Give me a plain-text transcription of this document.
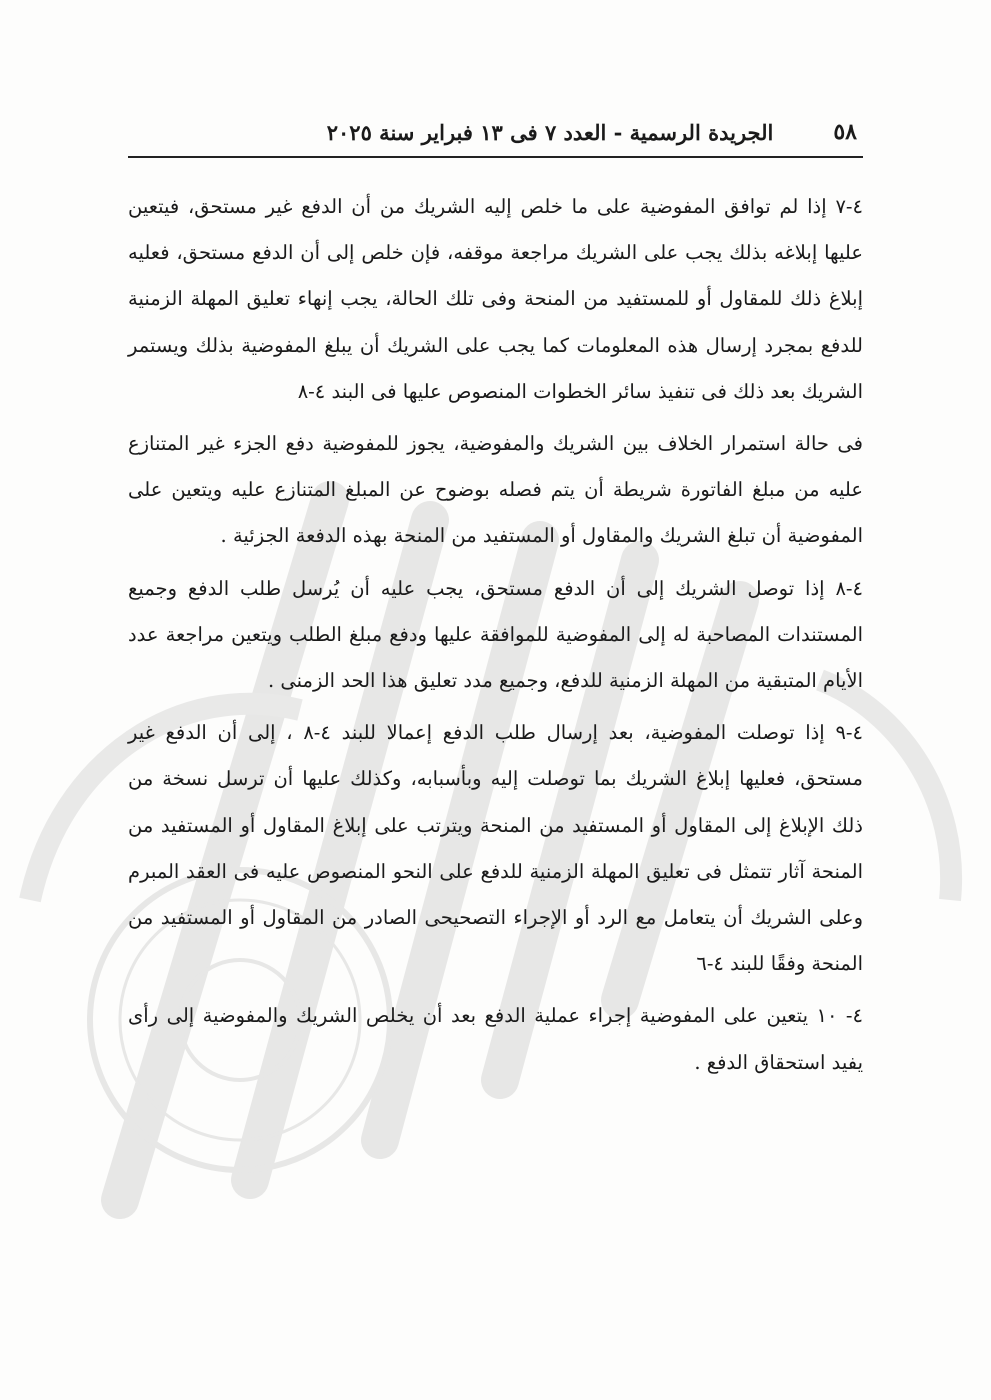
٥٨
الجريدة الرسمية - العدد ٧ فى ١٣ فبراير سنة ٢٠٢٥

٤-٧ إذا لم توافق المفوضية على ما خلص إليه الشريك من أن الدفع غير مستحق، فيتعين عليها إبلاغه بذلك يجب على الشريك مراجعة موقفه، فإن خلص إلى أن الدفع مستحق، فعليه إبلاغ ذلك للمقاول أو للمستفيد من المنحة وفى تلك الحالة، يجب إنهاء تعليق المهلة الزمنية للدفع بمجرد إرسال هذه المعلومات كما يجب على الشريك أن يبلغ المفوضية بذلك ويستمر الشريك بعد ذلك فى تنفيذ سائر الخطوات المنصوص عليها فى البند ٤-٨

فى حالة استمرار الخلاف بين الشريك والمفوضية، يجوز للمفوضية دفع الجزء غير المتنازع عليه من مبلغ الفاتورة شريطة أن يتم فصله بوضوح عن المبلغ المتنازع عليه ويتعين على المفوضية أن تبلغ الشريك والمقاول أو المستفيد من المنحة بهذه الدفعة الجزئية .

٤-٨ إذا توصل الشريك إلى أن الدفع مستحق، يجب عليه أن يُرسل طلب الدفع وجميع المستندات المصاحبة له إلى المفوضية للموافقة عليها ودفع مبلغ الطلب ويتعين مراجعة عدد الأيام المتبقية من المهلة الزمنية للدفع، وجميع مدد تعليق هذا الحد الزمنى .

٤-٩ إذا توصلت المفوضية، بعد إرسال طلب الدفع إعمالا للبند ٤-٨ ، إلى أن الدفع غير مستحق، فعليها إبلاغ الشريك بما توصلت إليه وبأسبابه، وكذلك عليها أن ترسل نسخة من ذلك الإبلاغ إلى المقاول أو المستفيد من المنحة ويترتب على إبلاغ المقاول أو المستفيد من المنحة آثار تتمثل فى تعليق المهلة الزمنية للدفع على النحو المنصوص عليه فى العقد المبرم وعلى الشريك أن يتعامل مع الرد أو الإجراء التصحيحى الصادر من المقاول أو المستفيد من المنحة وفقًا للبند ٤-٦

٤- ١٠ يتعين على المفوضية إجراء عملية الدفع بعد أن يخلص الشريك والمفوضية إلى رأى يفيد استحقاق الدفع .
